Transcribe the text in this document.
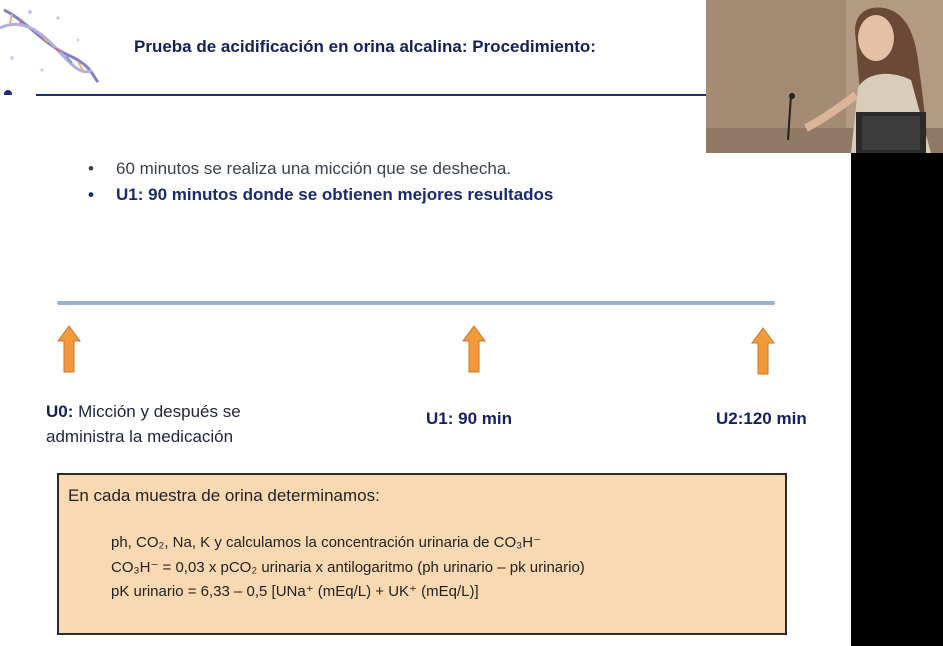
Prueba de acidificación en orina alcalina: Procedimiento:
• 60 minutos se realiza una micción que se deshecha.
• U1: 90 minutos donde se obtienen mejores resultados
U0: Micción y después se
administra la medicación
U1: 90 min	U2:120 min
En cada muestra de orina determinamos:
ph, CO₂, Na, K y calculamos la concentración urinaria de CO₃H⁻
CO₃H⁻ = 0,03 x pCO₂ urinaria x antilogaritmo (ph urinario – pk urinario)
pK urinario = 6,33 – 0,5 [UNa⁺ (mEq/L) + UK⁺ (mEq/L)]
